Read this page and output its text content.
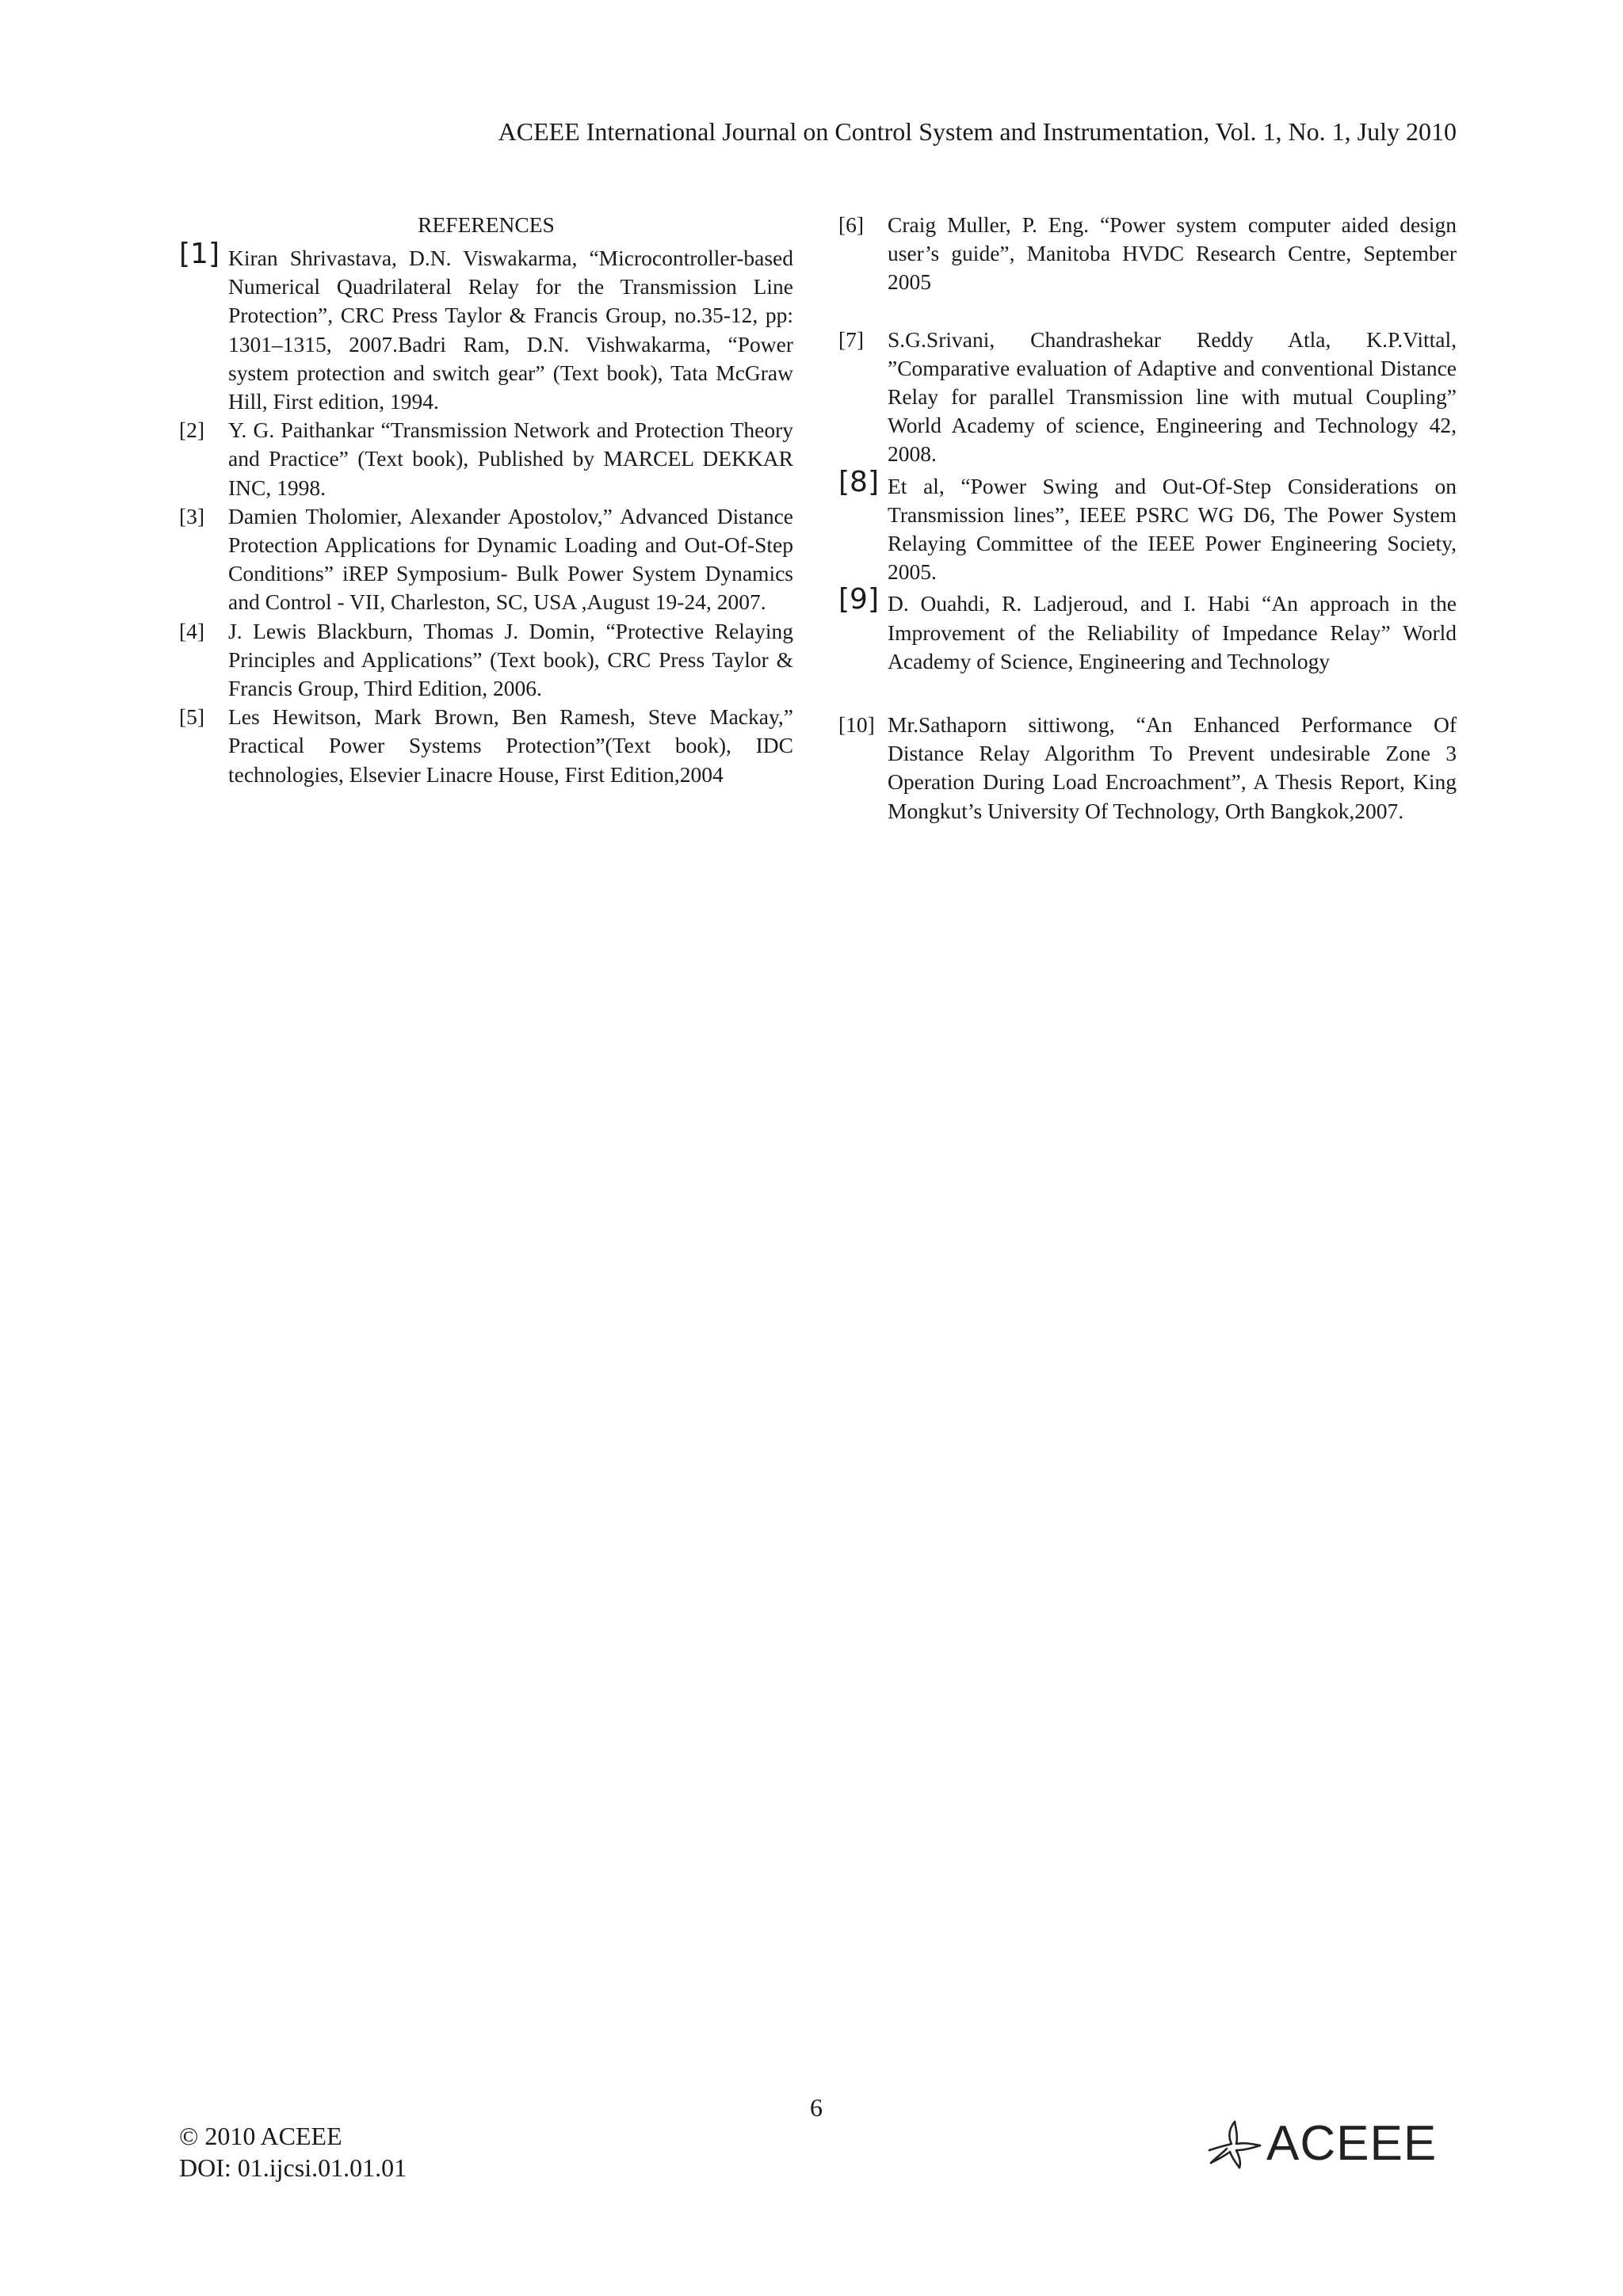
ACEEE International Journal on Control System and Instrumentation, Vol. 1, No. 1, July 2010
REFERENCES
[1] Kiran Shrivastava, D.N. Viswakarma, “Microcontroller-based Numerical Quadrilateral Relay for the Transmission Line Protection”, CRC Press Taylor & Francis Group, no.35-12, pp: 1301–1315, 2007.Badri Ram, D.N. Vishwakarma, “Power system protection and switch gear” (Text book), Tata McGraw Hill, First edition, 1994.
[2]	Y. G. Paithankar “Transmission Network and Protection Theory and Practice” (Text book), Published by MARCEL DEKKAR INC, 1998.
[3]	Damien Tholomier, Alexander Apostolov,” Advanced Distance Protection Applications for Dynamic Loading and Out-Of-Step Conditions” iREP Symposium- Bulk Power System Dynamics and Control - VII, Charleston, SC, USA ,August 19-24, 2007.
[4]	J. Lewis Blackburn, Thomas J. Domin, “Protective Relaying Principles and Applications” (Text book), CRC Press Taylor & Francis Group, Third Edition, 2006.
[5]	Les Hewitson, Mark Brown, Ben Ramesh, Steve Mackay,” Practical Power Systems Protection”(Text book), IDC technologies, Elsevier Linacre House, First Edition,2004
[6]	Craig Muller, P. Eng. “Power system computer aided design user’s guide”, Manitoba HVDC Research Centre, September 2005
[7]	S.G.Srivani, Chandrashekar Reddy Atla, K.P.Vittal, ”Comparative evaluation of Adaptive and conventional Distance Relay for parallel Transmission line with mutual Coupling” World Academy of science, Engineering and Technology 42, 2008.
[8] Et al, “Power Swing and Out-Of-Step Considerations on Transmission lines”, IEEE PSRC WG D6, The Power System Relaying Committee of the IEEE Power Engineering Society, 2005.
[9] D. Ouahdi, R. Ladjeroud, and I. Habi “An approach in the Improvement of the Reliability of Impedance Relay” World Academy of Science, Engineering and Technology
[10] Mr.Sathaporn sittiwong, “An Enhanced Performance Of Distance Relay Algorithm To Prevent undesirable Zone 3 Operation During Load Encroachment”, A Thesis Report, King Mongkut’s University Of Technology, Orth Bangkok,2007.
6
© 2010 ACEEE
DOI: 01.ijcsi.01.01.01	ACEEE
